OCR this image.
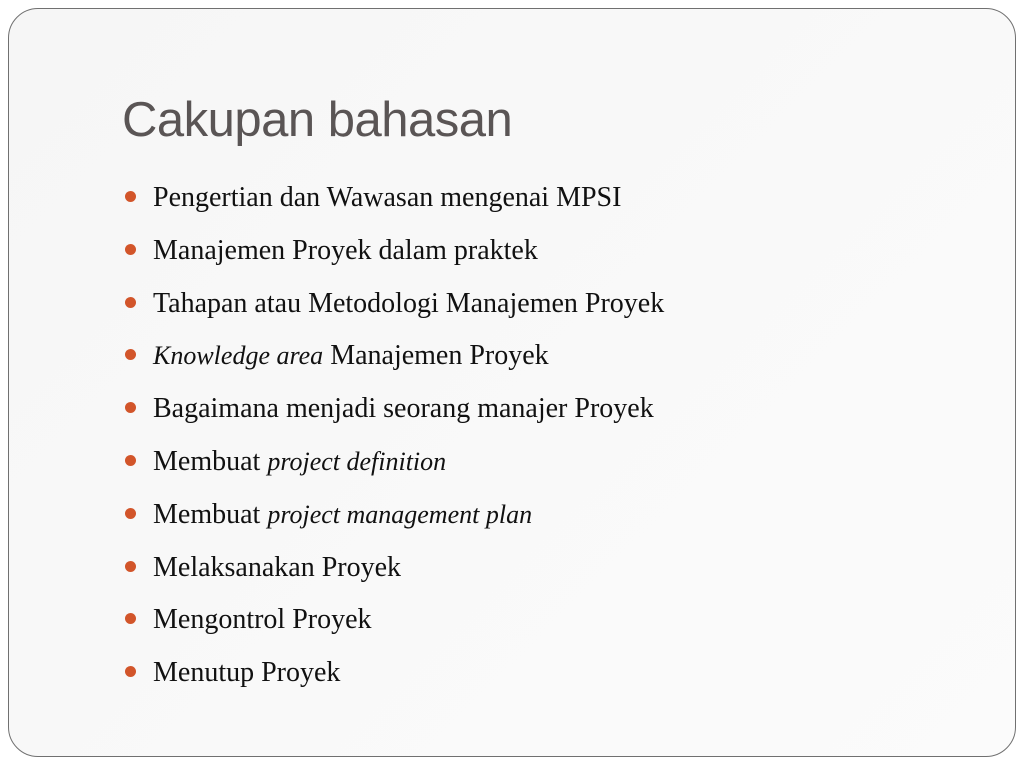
Cakupan bahasan
Pengertian dan Wawasan mengenai MPSI
Manajemen Proyek dalam praktek
Tahapan atau Metodologi Manajemen Proyek
Knowledge area Manajemen Proyek
Bagaimana menjadi seorang manajer Proyek
Membuat project definition
Membuat project management plan
Melaksanakan Proyek
Mengontrol Proyek
Menutup Proyek
